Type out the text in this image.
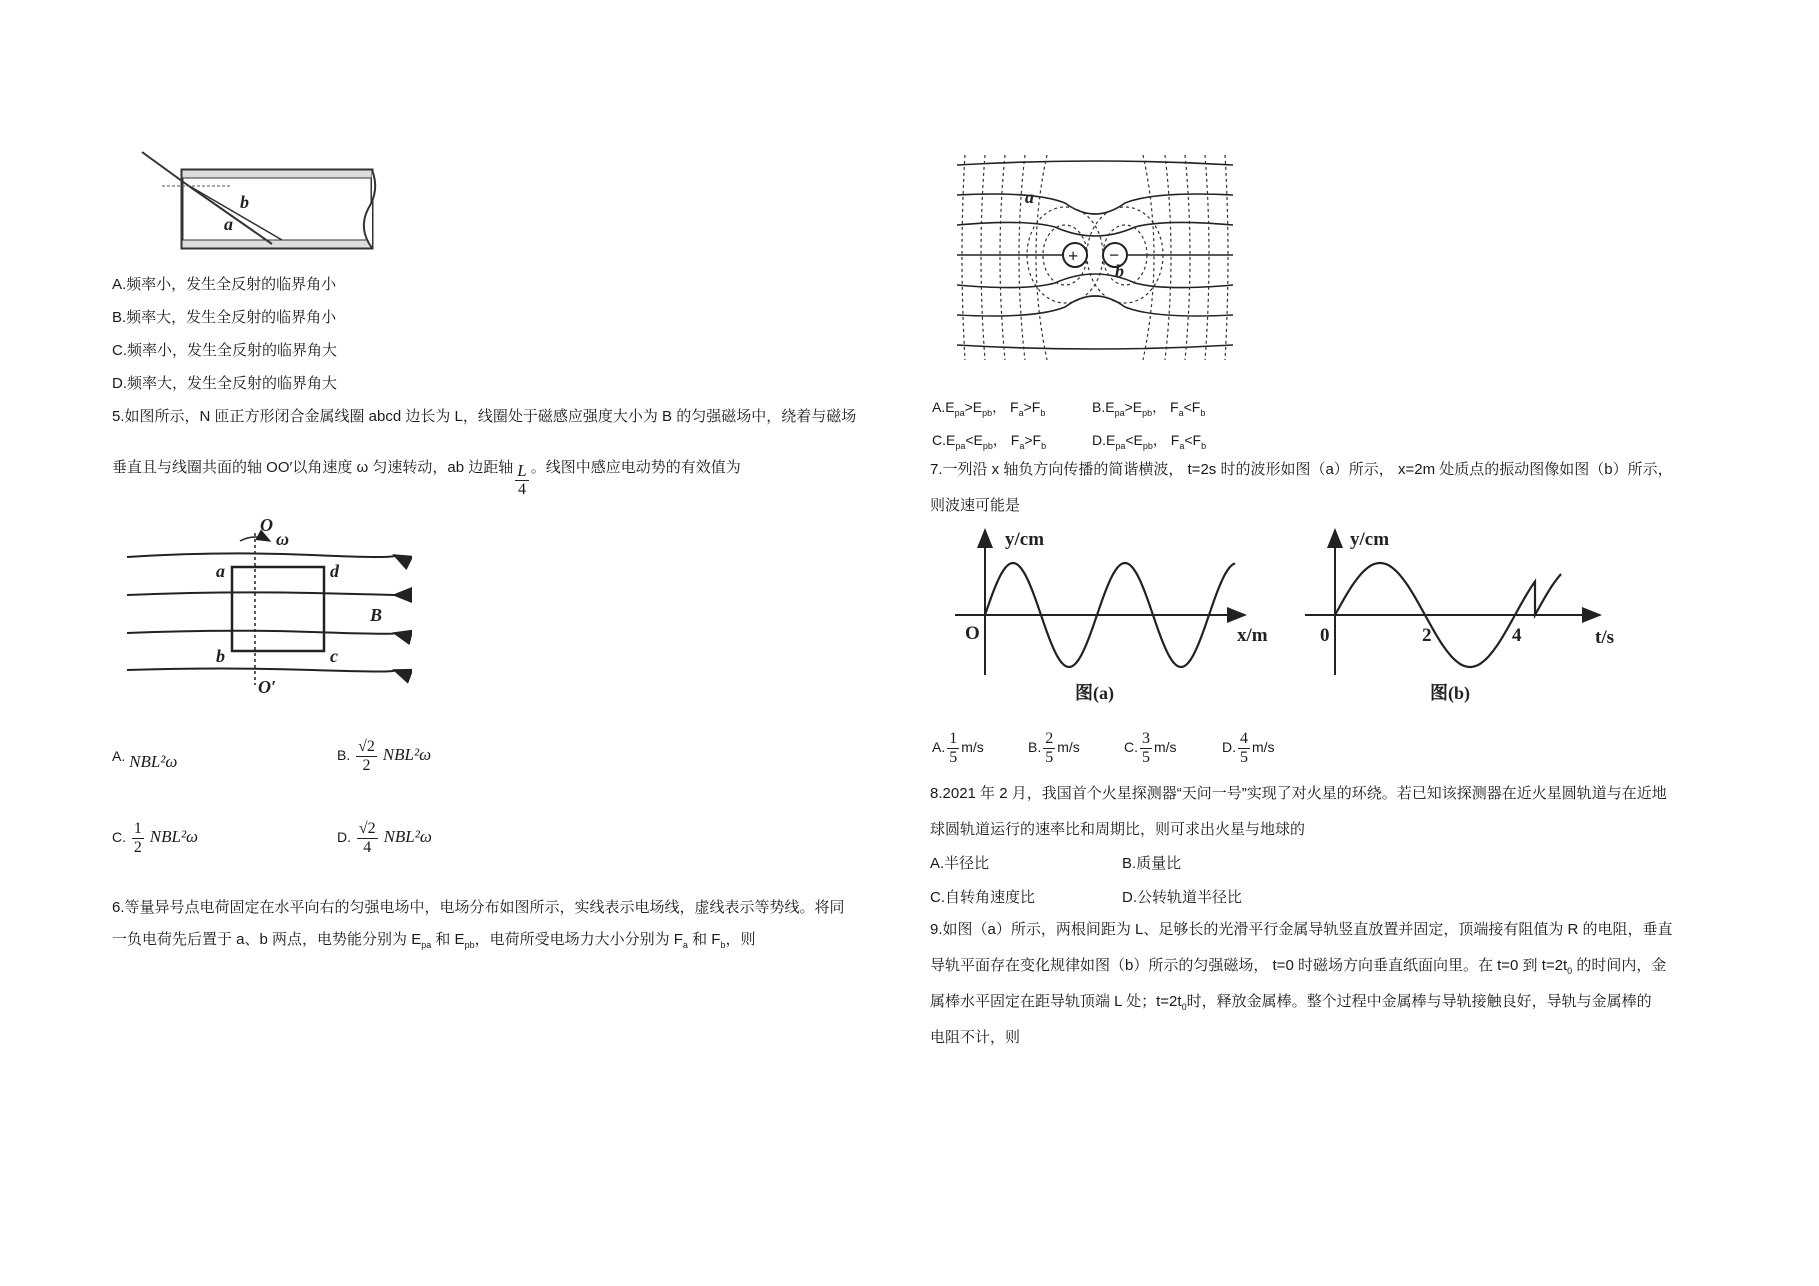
b
a
A.频率小，发生全反射的临界角小
B.频率大，发生全反射的临界角小
C.频率小，发生全反射的临界角大
D.频率大，发生全反射的临界角大
5.如图所示，N 匝正方形闭合金属线圈 abcd 边长为 L，线圈处于磁感应强度大小为 B 的匀强磁场中，绕着与磁场
垂直且与线圈共面的轴 OO′以角速度 ω 匀速转动，ab 边距轴 $\frac{L}{4}$ 。线图中感应电动势的有效值为
O
ω
a	d
b	c
B
O′
A. NBL²ω	B. $\frac{√2}{2} NBL^2\omega$
C. $\frac{1}{2} NBL^2\omega$	D. $\frac{√2}{4} NBL^2\omega$
6.等量异号点电荷固定在水平向右的匀强电场中，电场分布如图所示，实线表示电场线，虚线表示等势线。将同
一负电荷先后置于 a、b 两点，电势能分别为 $E_{pa}$ 和 $E_{pb}$，电荷所受电场力大小分别为 $F_a$ 和 $F_b$，则
+ −
a
b
$A.E_{pa}>E_{pb}$， $F_a>F_b$	$B.E_{pa}>E_{pb}$， $F_a<F_b$
$C.E_{pa}<E_{pb}$， $F_a>F_b$	$D.E_{pa}<E_{pb}$， $F_a<F_b$
7.一列沿 x 轴负方向传播的简谐横波， t=2s 时的波形如图（a）所示， x=2m 处质点的振动图像如图（b）所示，
则波速可能是
y/cm
x/m
O
图(a)
y/cm
t/s
0	2	4
图(b)
A. $\frac{1}{5} m/s$	B. $\frac{2}{5} m/s$	C. $\frac{3}{5} m/s$	D. $\frac{4}{5} m/s$
8.2021 年 2 月，我国首个火星探测器“天问一号”实现了对火星的环绕。若已知该探测器在近火星圆轨道与在近地
球圆轨道运行的速率比和周期比，则可求出火星与地球的
A.半径比	B.质量比
C.自转角速度比	D.公转轨道半径比
9.如图（a）所示，两根间距为 L、足够长的光滑平行金属导轨竖直放置并固定，顶端接有阻值为 R 的电阻，垂直
导轨平面存在变化规律如图（b）所示的匀强磁场， t=0 时磁场方向垂直纸面向里。在 t=0 到 $t=2t_0$ 的时间内，金
属棒水平固定在距导轨顶端 L 处；$t=2t_0$时，释放金属棒。整个过程中金属棒与导轨接触良好，导轨与金属棒的
电阻不计，则
